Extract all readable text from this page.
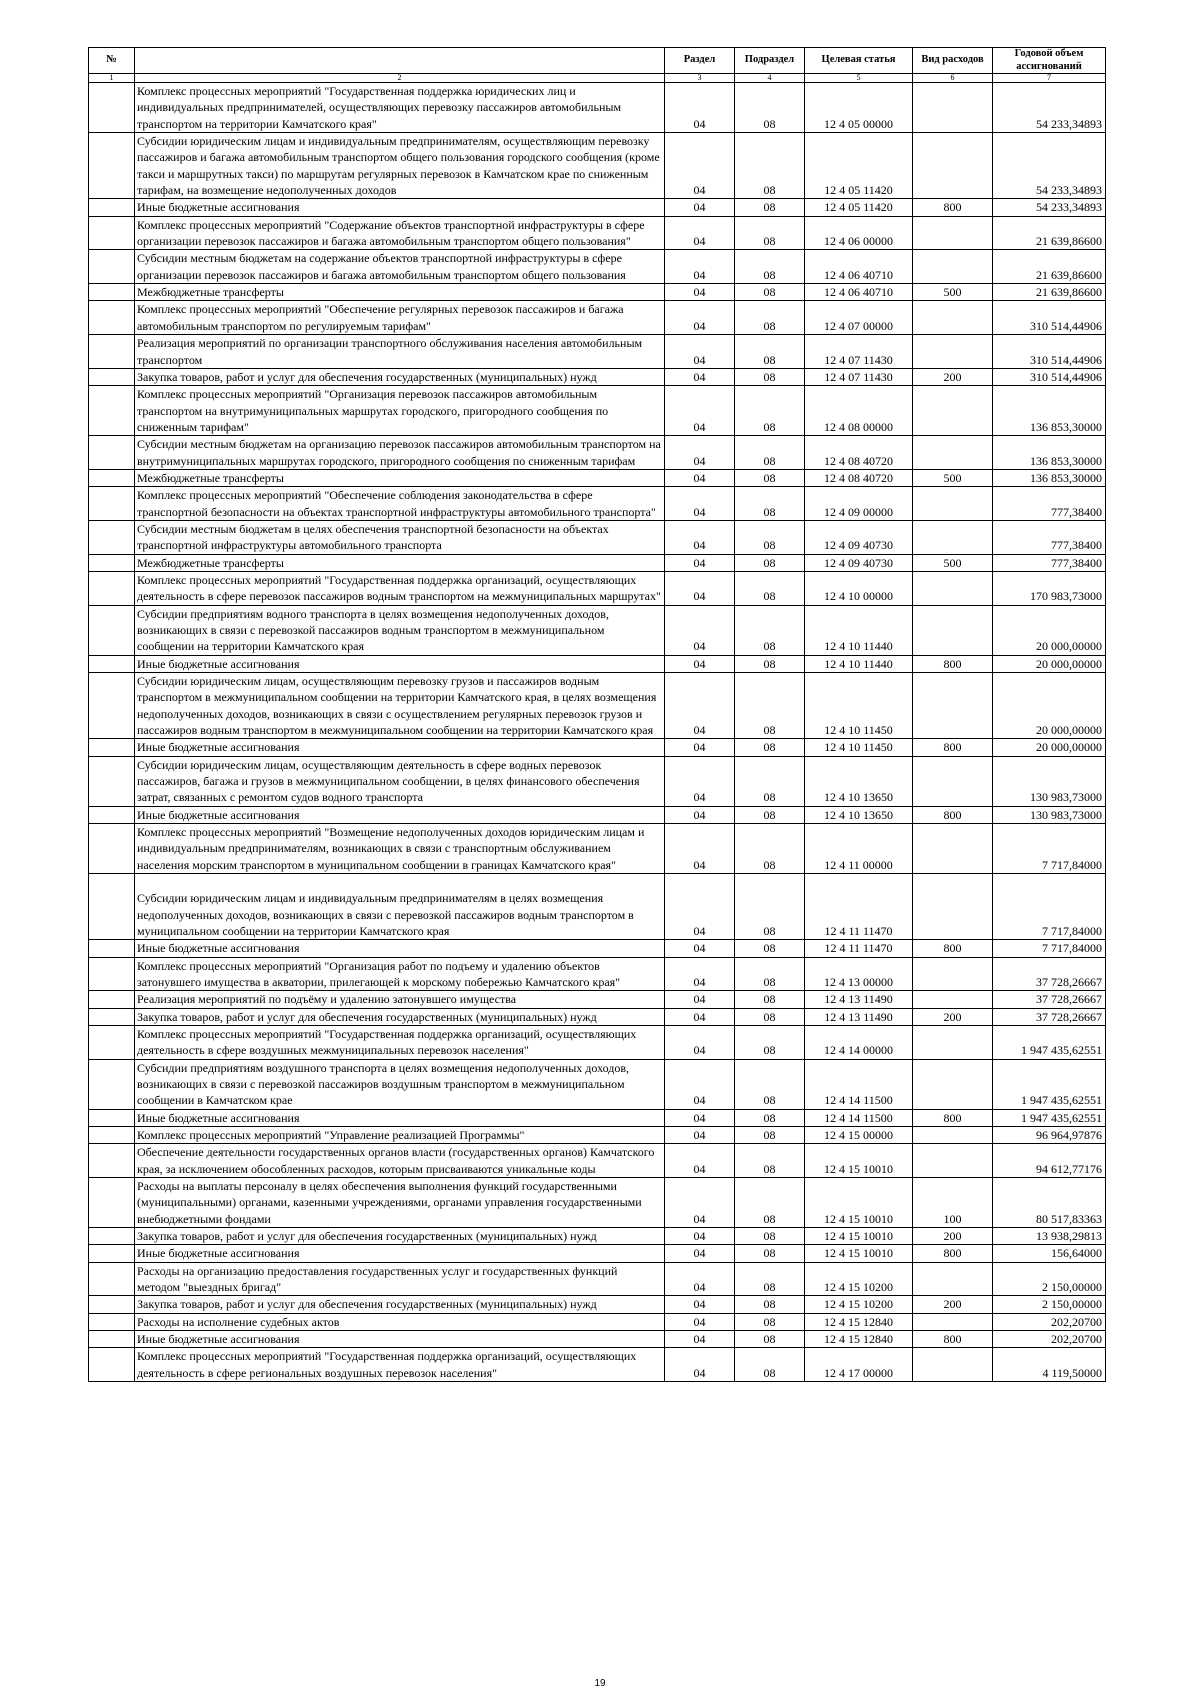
№		Раздел	Подраздел	Целевая статья	Вид расходов	Годовой объем ассигнований
1	2	3	4	5	6	7
	Комплекс процессных мероприятий "Государственная поддержка юридических лиц и индивидуальных предпринимателей, осуществляющих перевозку пассажиров автомобильным транспортом на территории Камчатского края"	04	08	12 4 05 00000		54 233,34893
	Субсидии юридическим лицам и индивидуальным предпринимателям, осуществляющим перевозку пассажиров и багажа автомобильным транспортом общего пользования городского сообщения (кроме такси и маршрутных такси) по маршрутам регулярных перевозок в Камчатском крае по сниженным тарифам, на возмещение недополученных доходов	04	08	12 4 05 11420		54 233,34893
	Иные бюджетные ассигнования	04	08	12 4 05 11420	800	54 233,34893
	Комплекс процессных мероприятий "Содержание объектов транспортной инфраструктуры в сфере организации перевозок пассажиров и багажа автомобильным транспортом общего пользования"	04	08	12 4 06 00000		21 639,86600
	Субсидии местным бюджетам на содержание объектов транспортной инфраструктуры в сфере организации перевозок пассажиров и багажа автомобильным транспортом общего пользования	04	08	12 4 06 40710		21 639,86600
	Межбюджетные трансферты	04	08	12 4 06 40710	500	21 639,86600
	Комплекс процессных мероприятий "Обеспечение регулярных перевозок пассажиров и багажа автомобильным транспортом по регулируемым тарифам"	04	08	12 4 07 00000		310 514,44906
	Реализация мероприятий по организации транспортного обслуживания населения автомобильным транспортом	04	08	12 4 07 11430		310 514,44906
	Закупка товаров, работ и услуг для обеспечения государственных (муниципальных) нужд	04	08	12 4 07 11430	200	310 514,44906
	Комплекс процессных мероприятий "Организация перевозок пассажиров автомобильным транспортом на внутримуниципальных маршрутах городского, пригородного сообщения по сниженным тарифам"	04	08	12 4 08 00000		136 853,30000
	Субсидии местным бюджетам на организацию перевозок пассажиров автомобильным транспортом на внутримуниципальных маршрутах городского, пригородного сообщения по сниженным тарифам	04	08	12 4 08 40720		136 853,30000
	Межбюджетные трансферты	04	08	12 4 08 40720	500	136 853,30000
	Комплекс процессных мероприятий "Обеспечение соблюдения законодательства в сфере транспортной безопасности на объектах транспортной инфраструктуры автомобильного транспорта"	04	08	12 4 09 00000		777,38400
	Субсидии местным бюджетам в целях обеспечения транспортной безопасности на объектах транспортной инфраструктуры автомобильного транспорта	04	08	12 4 09 40730		777,38400
	Межбюджетные трансферты	04	08	12 4 09 40730	500	777,38400
	Комплекс процессных мероприятий "Государственная поддержка организаций, осуществляющих деятельность в сфере перевозок пассажиров водным транспортом на межмуниципальных маршрутах"	04	08	12 4 10 00000		170 983,73000
	Субсидии предприятиям водного транспорта в целях возмещения недополученных доходов, возникающих в связи с перевозкой пассажиров водным транспортом в межмуниципальном сообщении на территории Камчатского края	04	08	12 4 10 11440		20 000,00000
	Иные бюджетные ассигнования	04	08	12 4 10 11440	800	20 000,00000
	Субсидии юридическим лицам, осуществляющим перевозку грузов и пассажиров водным транспортом в межмуниципальном сообщении на территории Камчатского края, в целях возмещения недополученных доходов, возникающих в связи с осуществлением регулярных перевозок грузов и пассажиров водным транспортом в межмуниципальном сообщении на территории Камчатского края	04	08	12 4 10 11450		20 000,00000
	Иные бюджетные ассигнования	04	08	12 4 10 11450	800	20 000,00000
	Субсидии юридическим лицам, осуществляющим деятельность в сфере водных перевозок пассажиров, багажа и грузов в межмуниципальном сообщении, в целях финансового обеспечения затрат, связанных с ремонтом судов водного транспорта	04	08	12 4 10 13650		130 983,73000
	Иные бюджетные ассигнования	04	08	12 4 10 13650	800	130 983,73000
	Комплекс процессных мероприятий "Возмещение недополученных доходов юридическим лицам и индивидуальным предпринимателям, возникающих в связи с транспортным обслуживанием населения морским транспортом в муниципальном сообщении в границах Камчатского края"	04	08	12 4 11 00000		7 717,84000
	Субсидии юридическим лицам и индивидуальным предпринимателям в целях возмещения недополученных доходов, возникающих в связи с перевозкой пассажиров водным транспортом в муниципальном сообщении на территории Камчатского края	04	08	12 4 11 11470		7 717,84000
	Иные бюджетные ассигнования	04	08	12 4 11 11470	800	7 717,84000
	Комплекс процессных мероприятий "Организация работ по подъему и удалению объектов затонувшего имущества в акватории, прилегающей к морскому побережью Камчатского края"	04	08	12 4 13 00000		37 728,26667
	Реализация мероприятий по подъёму и удалению затонувшего имущества	04	08	12 4 13 11490		37 728,26667
	Закупка товаров, работ и услуг для обеспечения государственных (муниципальных) нужд	04	08	12 4 13 11490	200	37 728,26667
	Комплекс процессных мероприятий "Государственная поддержка организаций, осуществляющих деятельность в сфере воздушных межмуниципальных перевозок населения"	04	08	12 4 14 00000		1 947 435,62551
	Субсидии предприятиям воздушного транспорта в целях возмещения недополученных доходов, возникающих в связи с перевозкой пассажиров воздушным транспортом в межмуниципальном сообщении в Камчатском крае	04	08	12 4 14 11500		1 947 435,62551
	Иные бюджетные ассигнования	04	08	12 4 14 11500	800	1 947 435,62551
	Комплекс процессных мероприятий "Управление реализацией Программы"	04	08	12 4 15 00000		96 964,97876
	Обеспечение деятельности государственных органов власти (государственных органов) Камчатского края, за исключением обособленных расходов, которым присваиваются уникальные коды	04	08	12 4 15 10010		94 612,77176
	Расходы на выплаты персоналу в целях обеспечения выполнения функций государственными (муниципальными) органами, казенными учреждениями, органами управления государственными внебюджетными фондами	04	08	12 4 15 10010	100	80 517,83363
	Закупка товаров, работ и услуг для обеспечения государственных (муниципальных) нужд	04	08	12 4 15 10010	200	13 938,29813
	Иные бюджетные ассигнования	04	08	12 4 15 10010	800	156,64000
	Расходы на организацию предоставления государственных услуг и государственных функций методом "выездных бригад"	04	08	12 4 15 10200		2 150,00000
	Закупка товаров, работ и услуг для обеспечения государственных (муниципальных) нужд	04	08	12 4 15 10200	200	2 150,00000
	Расходы на исполнение судебных актов	04	08	12 4 15 12840		202,20700
	Иные бюджетные ассигнования	04	08	12 4 15 12840	800	202,20700
	Комплекс процессных мероприятий "Государственная поддержка организаций, осуществляющих деятельность в сфере региональных воздушных перевозок населения"	04	08	12 4 17 00000		4 119,50000
19
